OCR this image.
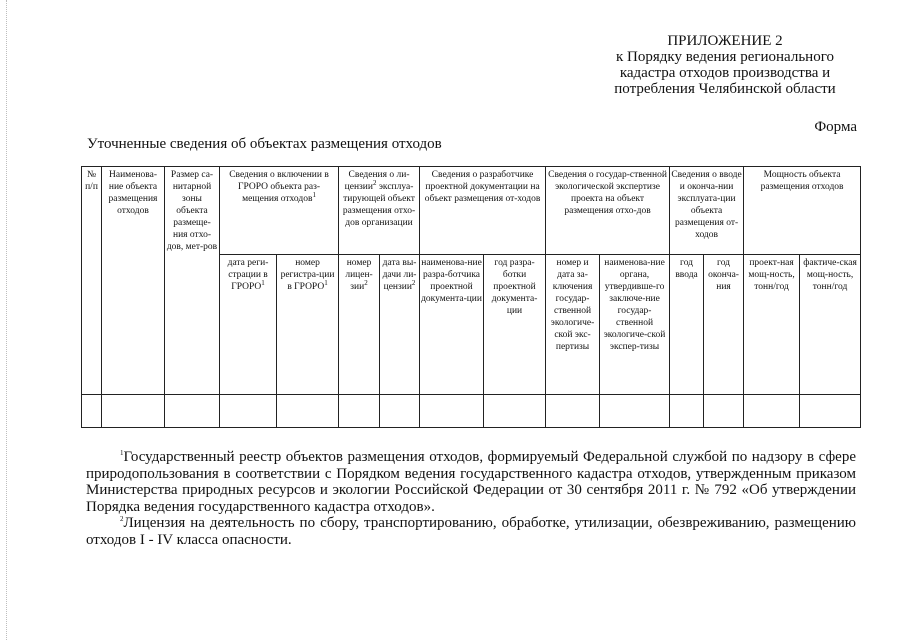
ПРИЛОЖЕНИЕ 2
к Порядку ведения регионального
кадастра отходов производства и
потребления Челябинской области
Форма
Уточненные сведения об объектах размещения отходов
№ п/п	Наименова-ние объекта размещения отходов	Размер са-нитарной зоны объекта размеще-ния отхо-дов, мет-ров	Сведения о включении в ГРОРО объекта раз-мещения отходов$^1$		Сведения о ли-цензии$^2$ эксплуа-тирующей объект размещения отхо-дов организации		Сведения о разработчике проектной документации на объект размещения от-ходов		Сведения о государ-ственной экологической экспертизе проекта на объект размещения отхо-дов		Сведения о вводе и оконча-нии эксплуата-ции объекта размещения от-ходов		Мощность объекта размещения отходов	
			дата реги-страции в ГРОРО$^1$	номер регистра-ции в ГРОРО$^1$	номер лицен-зии$^2$	дата вы-дачи ли-цензии$^2$	наименова-ние разра-ботчика проектной документа-ции	год разра-ботки проектной документа-ции	номер и дата за-ключения государ-ственной экологиче-ской экс-пертизы	наименова-ние органа, утвердивше-го заключе-ние государ-ственной экологиче-ской экспер-тизы	год ввода	год оконча-ния	проект-ная мощ-ность, тонн/год	фактиче-ская мощ-ность, тонн/год

$^1$Государственный реестр объектов размещения отходов, формируемый Федеральной службой по надзору в сфере природопользования в соответствии с Порядком ведения государственного кадастра отходов, утвержденным приказом Министерства природных ресурсов и экологии Российской Федерации от 30 сентября 2011 г. № 792 «Об утверждении Порядка ведения государственного кадастра отходов».

$^2$Лицензия на деятельность по сбору, транспортированию, обработке, утилизации, обезвреживанию, размещению отходов I - IV класса опасности.
